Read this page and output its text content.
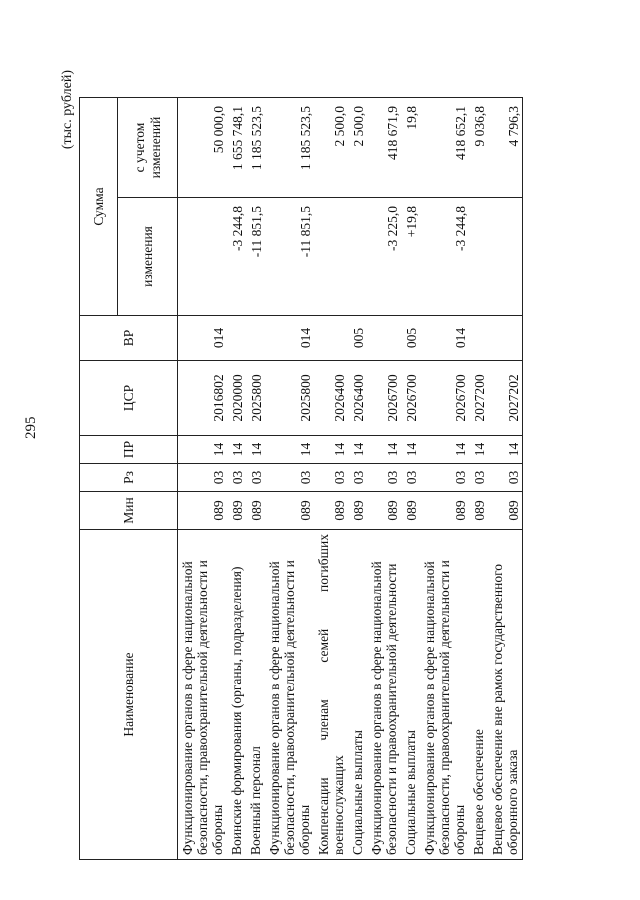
295
(тыс. рублей)
Наименование	Мин	Рз	ПР	ЦСР	ВР	Сумма	
						изменения	с учетом изменений
Функционирование органов в сфере национальной безопасности, правоохранительной деятельности и обороны	089	03	14	2016802	014		50 000,0
Воинские формирования (органы, подразделения)	089	03	14	2020000		-3 244,8	1 655 748,1
Военный персонал	089	03	14	2025800		-11 851,5	1 185 523,5
Функционирование органов в сфере национальной безопасности, правоохранительной деятельности и обороны	089	03	14	2025800	014	-11 851,5	1 185 523,5
Компенсации членам семей погибших военнослужащих	089	03	14	2026400			2 500,0
Социальные выплаты	089	03	14	2026400	005		2 500,0
Функционирование органов в сфере национальной безопасности и правоохранительной деятельности	089	03	14	2026700		-3 225,0	418 671,9
Социальные выплаты	089	03	14	2026700	005	+19,8	19,8
Функционирование органов в сфере национальной безопасности, правоохранительной деятельности и обороны	089	03	14	2026700	014	-3 244,8	418 652,1
Вещевое обеспечение	089	03	14	2027200			9 036,8
Вещевое обеспечение вне рамок государственного оборонного заказа	089	03	14	2027202			4 796,3
